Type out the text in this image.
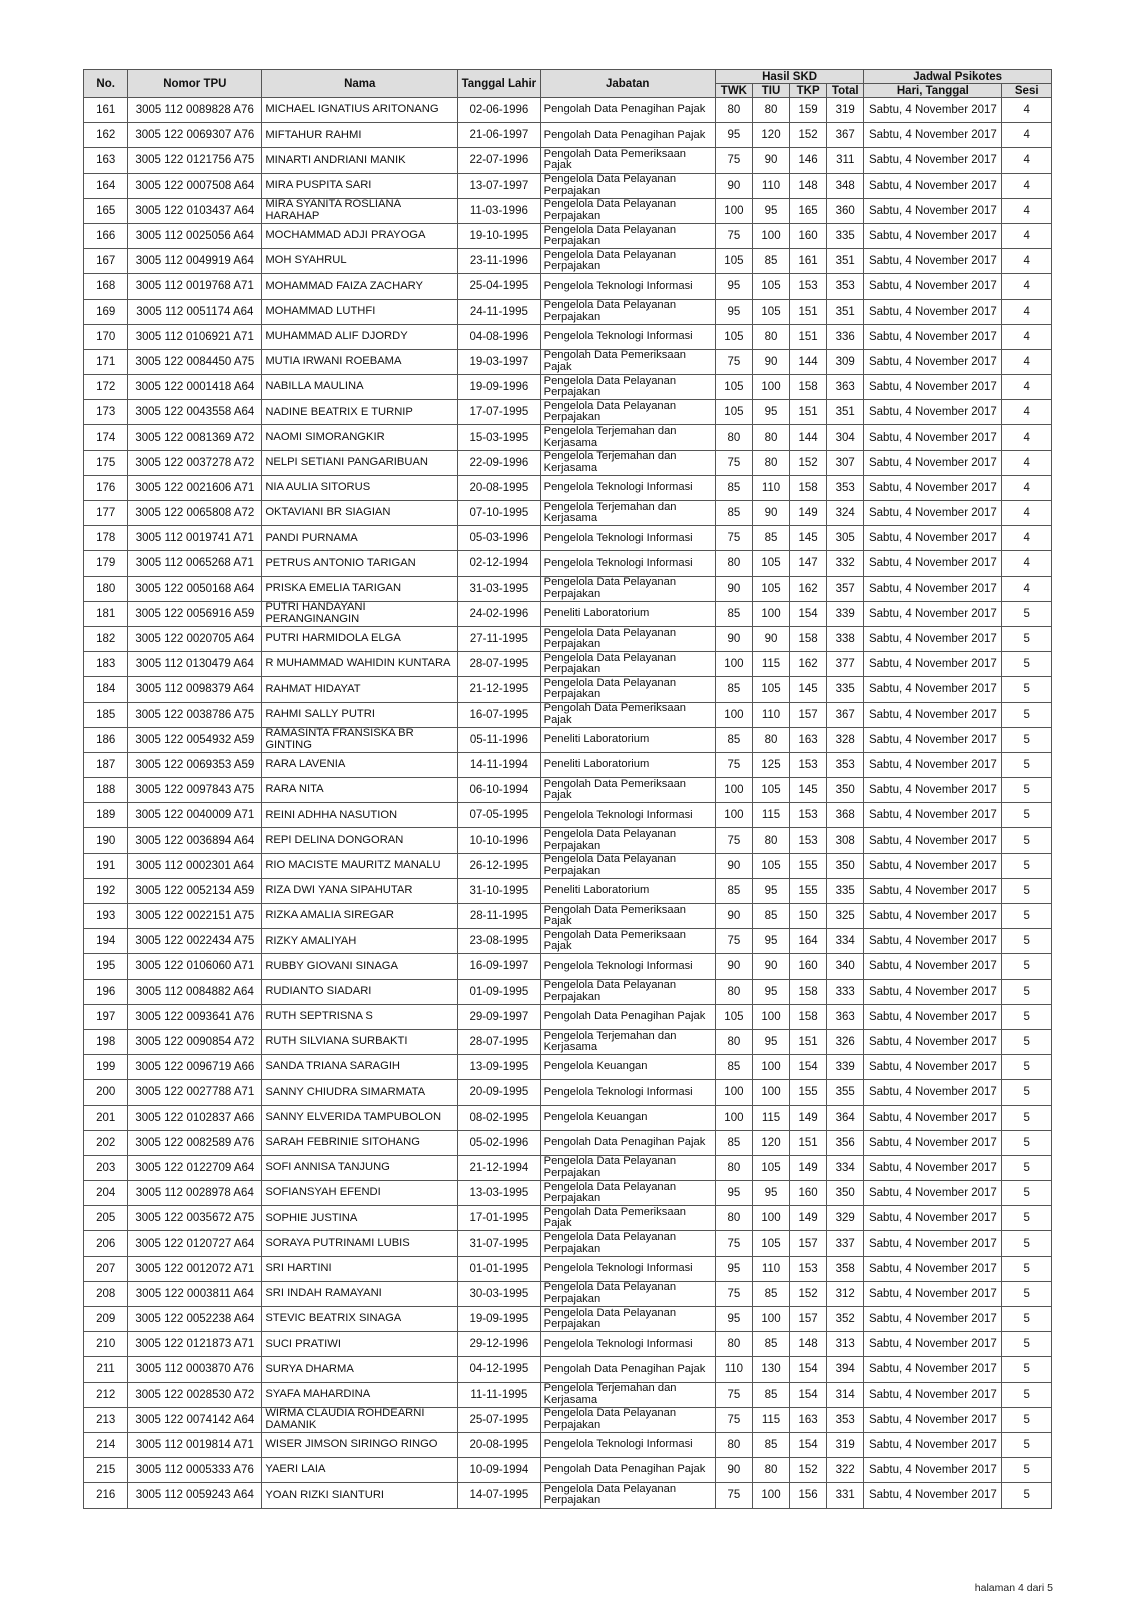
No.	Nomor TPU	Nama	Tanggal Lahir	Jabatan	Hasil SKD				Jadwal Psikotes	
					TWK	TIU	TKP	Total	Hari, Tanggal	Sesi
161	3005 112 0089828 A76	MICHAEL IGNATIUS ARITONANG	02-06-1996	Pengolah Data Penagihan Pajak	80	80	159	319	Sabtu, 4 November 2017	4
162	3005 122 0069307 A76	MIFTAHUR RAHMI	21-06-1997	Pengolah Data Penagihan Pajak	95	120	152	367	Sabtu, 4 November 2017	4
163	3005 122 0121756 A75	MINARTI ANDRIANI MANIK	22-07-1996	Pengolah Data Pemeriksaan Pajak	75	90	146	311	Sabtu, 4 November 2017	4
164	3005 122 0007508 A64	MIRA PUSPITA SARI	13-07-1997	Pengelola Data Pelayanan Perpajakan	90	110	148	348	Sabtu, 4 November 2017	4
165	3005 122 0103437 A64	MIRA SYANITA ROSLIANA HARAHAP	11-03-1996	Pengelola Data Pelayanan Perpajakan	100	95	165	360	Sabtu, 4 November 2017	4
166	3005 112 0025056 A64	MOCHAMMAD ADJI PRAYOGA	19-10-1995	Pengelola Data Pelayanan Perpajakan	75	100	160	335	Sabtu, 4 November 2017	4
167	3005 112 0049919 A64	MOH SYAHRUL	23-11-1996	Pengelola Data Pelayanan Perpajakan	105	85	161	351	Sabtu, 4 November 2017	4
168	3005 112 0019768 A71	MOHAMMAD FAIZA ZACHARY	25-04-1995	Pengelola Teknologi Informasi	95	105	153	353	Sabtu, 4 November 2017	4
169	3005 112 0051174 A64	MOHAMMAD LUTHFI	24-11-1995	Pengelola Data Pelayanan Perpajakan	95	105	151	351	Sabtu, 4 November 2017	4
170	3005 112 0106921 A71	MUHAMMAD ALIF DJORDY	04-08-1996	Pengelola Teknologi Informasi	105	80	151	336	Sabtu, 4 November 2017	4
171	3005 122 0084450 A75	MUTIA IRWANI ROEBAMA	19-03-1997	Pengolah Data Pemeriksaan Pajak	75	90	144	309	Sabtu, 4 November 2017	4
172	3005 122 0001418 A64	NABILLA MAULINA	19-09-1996	Pengelola Data Pelayanan Perpajakan	105	100	158	363	Sabtu, 4 November 2017	4
173	3005 122 0043558 A64	NADINE BEATRIX E TURNIP	17-07-1995	Pengelola Data Pelayanan Perpajakan	105	95	151	351	Sabtu, 4 November 2017	4
174	3005 122 0081369 A72	NAOMI SIMORANGKIR	15-03-1995	Pengelola Terjemahan dan Kerjasama	80	80	144	304	Sabtu, 4 November 2017	4
175	3005 122 0037278 A72	NELPI SETIANI PANGARIBUAN	22-09-1996	Pengelola Terjemahan dan Kerjasama	75	80	152	307	Sabtu, 4 November 2017	4
176	3005 122 0021606 A71	NIA AULIA SITORUS	20-08-1995	Pengelola Teknologi Informasi	85	110	158	353	Sabtu, 4 November 2017	4
177	3005 122 0065808 A72	OKTAVIANI BR SIAGIAN	07-10-1995	Pengelola Terjemahan dan Kerjasama	85	90	149	324	Sabtu, 4 November 2017	4
178	3005 112 0019741 A71	PANDI PURNAMA	05-03-1996	Pengelola Teknologi Informasi	75	85	145	305	Sabtu, 4 November 2017	4
179	3005 112 0065268 A71	PETRUS ANTONIO TARIGAN	02-12-1994	Pengelola Teknologi Informasi	80	105	147	332	Sabtu, 4 November 2017	4
180	3005 122 0050168 A64	PRISKA EMELIA TARIGAN	31-03-1995	Pengelola Data Pelayanan Perpajakan	90	105	162	357	Sabtu, 4 November 2017	4
181	3005 122 0056916 A59	PUTRI HANDAYANI PERANGINANGIN	24-02-1996	Peneliti Laboratorium	85	100	154	339	Sabtu, 4 November 2017	5
182	3005 122 0020705 A64	PUTRI HARMIDOLA ELGA	27-11-1995	Pengelola Data Pelayanan Perpajakan	90	90	158	338	Sabtu, 4 November 2017	5
183	3005 112 0130479 A64	R MUHAMMAD WAHIDIN KUNTARA	28-07-1995	Pengelola Data Pelayanan Perpajakan	100	115	162	377	Sabtu, 4 November 2017	5
184	3005 112 0098379 A64	RAHMAT HIDAYAT	21-12-1995	Pengelola Data Pelayanan Perpajakan	85	105	145	335	Sabtu, 4 November 2017	5
185	3005 122 0038786 A75	RAHMI SALLY PUTRI	16-07-1995	Pengolah Data Pemeriksaan Pajak	100	110	157	367	Sabtu, 4 November 2017	5
186	3005 122 0054932 A59	RAMASINTA FRANSISKA BR GINTING	05-11-1996	Peneliti Laboratorium	85	80	163	328	Sabtu, 4 November 2017	5
187	3005 122 0069353 A59	RARA LAVENIA	14-11-1994	Peneliti Laboratorium	75	125	153	353	Sabtu, 4 November 2017	5
188	3005 122 0097843 A75	RARA NITA	06-10-1994	Pengolah Data Pemeriksaan Pajak	100	105	145	350	Sabtu, 4 November 2017	5
189	3005 122 0040009 A71	REINI ADHHA NASUTION	07-05-1995	Pengelola Teknologi Informasi	100	115	153	368	Sabtu, 4 November 2017	5
190	3005 122 0036894 A64	REPI DELINA DONGORAN	10-10-1996	Pengelola Data Pelayanan Perpajakan	75	80	153	308	Sabtu, 4 November 2017	5
191	3005 112 0002301 A64	RIO MACISTE MAURITZ MANALU	26-12-1995	Pengelola Data Pelayanan Perpajakan	90	105	155	350	Sabtu, 4 November 2017	5
192	3005 122 0052134 A59	RIZA DWI YANA SIPAHUTAR	31-10-1995	Peneliti Laboratorium	85	95	155	335	Sabtu, 4 November 2017	5
193	3005 122 0022151 A75	RIZKA AMALIA SIREGAR	28-11-1995	Pengolah Data Pemeriksaan Pajak	90	85	150	325	Sabtu, 4 November 2017	5
194	3005 122 0022434 A75	RIZKY AMALIYAH	23-08-1995	Pengolah Data Pemeriksaan Pajak	75	95	164	334	Sabtu, 4 November 2017	5
195	3005 122 0106060 A71	RUBBY GIOVANI SINAGA	16-09-1997	Pengelola Teknologi Informasi	90	90	160	340	Sabtu, 4 November 2017	5
196	3005 112 0084882 A64	RUDIANTO SIADARI	01-09-1995	Pengelola Data Pelayanan Perpajakan	80	95	158	333	Sabtu, 4 November 2017	5
197	3005 122 0093641 A76	RUTH SEPTRISNA S	29-09-1997	Pengolah Data Penagihan Pajak	105	100	158	363	Sabtu, 4 November 2017	5
198	3005 122 0090854 A72	RUTH SILVIANA SURBAKTI	28-07-1995	Pengelola Terjemahan dan Kerjasama	80	95	151	326	Sabtu, 4 November 2017	5
199	3005 122 0096719 A66	SANDA TRIANA SARAGIH	13-09-1995	Pengelola Keuangan	85	100	154	339	Sabtu, 4 November 2017	5
200	3005 122 0027788 A71	SANNY CHIUDRA SIMARMATA	20-09-1995	Pengelola Teknologi Informasi	100	100	155	355	Sabtu, 4 November 2017	5
201	3005 122 0102837 A66	SANNY ELVERIDA TAMPUBOLON	08-02-1995	Pengelola Keuangan	100	115	149	364	Sabtu, 4 November 2017	5
202	3005 122 0082589 A76	SARAH FEBRINIE SITOHANG	05-02-1996	Pengolah Data Penagihan Pajak	85	120	151	356	Sabtu, 4 November 2017	5
203	3005 122 0122709 A64	SOFI ANNISA TANJUNG	21-12-1994	Pengelola Data Pelayanan Perpajakan	80	105	149	334	Sabtu, 4 November 2017	5
204	3005 112 0028978 A64	SOFIANSYAH EFENDI	13-03-1995	Pengelola Data Pelayanan Perpajakan	95	95	160	350	Sabtu, 4 November 2017	5
205	3005 122 0035672 A75	SOPHIE JUSTINA	17-01-1995	Pengolah Data Pemeriksaan Pajak	80	100	149	329	Sabtu, 4 November 2017	5
206	3005 122 0120727 A64	SORAYA PUTRINAMI LUBIS	31-07-1995	Pengelola Data Pelayanan Perpajakan	75	105	157	337	Sabtu, 4 November 2017	5
207	3005 122 0012072 A71	SRI HARTINI	01-01-1995	Pengelola Teknologi Informasi	95	110	153	358	Sabtu, 4 November 2017	5
208	3005 122 0003811 A64	SRI INDAH RAMAYANI	30-03-1995	Pengelola Data Pelayanan Perpajakan	75	85	152	312	Sabtu, 4 November 2017	5
209	3005 122 0052238 A64	STEVIC BEATRIX SINAGA	19-09-1995	Pengelola Data Pelayanan Perpajakan	95	100	157	352	Sabtu, 4 November 2017	5
210	3005 122 0121873 A71	SUCI PRATIWI	29-12-1996	Pengelola Teknologi Informasi	80	85	148	313	Sabtu, 4 November 2017	5
211	3005 112 0003870 A76	SURYA DHARMA	04-12-1995	Pengolah Data Penagihan Pajak	110	130	154	394	Sabtu, 4 November 2017	5
212	3005 122 0028530 A72	SYAFA MAHARDINA	11-11-1995	Pengelola Terjemahan dan Kerjasama	75	85	154	314	Sabtu, 4 November 2017	5
213	3005 122 0074142 A64	WIRMA CLAUDIA ROHDEARNI DAMANIK	25-07-1995	Pengelola Data Pelayanan Perpajakan	75	115	163	353	Sabtu, 4 November 2017	5
214	3005 112 0019814 A71	WISER JIMSON SIRINGO RINGO	20-08-1995	Pengelola Teknologi Informasi	80	85	154	319	Sabtu, 4 November 2017	5
215	3005 112 0005333 A76	YAERI LAIA	10-09-1994	Pengolah Data Penagihan Pajak	90	80	152	322	Sabtu, 4 November 2017	5
216	3005 112 0059243 A64	YOAN RIZKI SIANTURI	14-07-1995	Pengelola Data Pelayanan Perpajakan	75	100	156	331	Sabtu, 4 November 2017	5
halaman 4 dari 5
